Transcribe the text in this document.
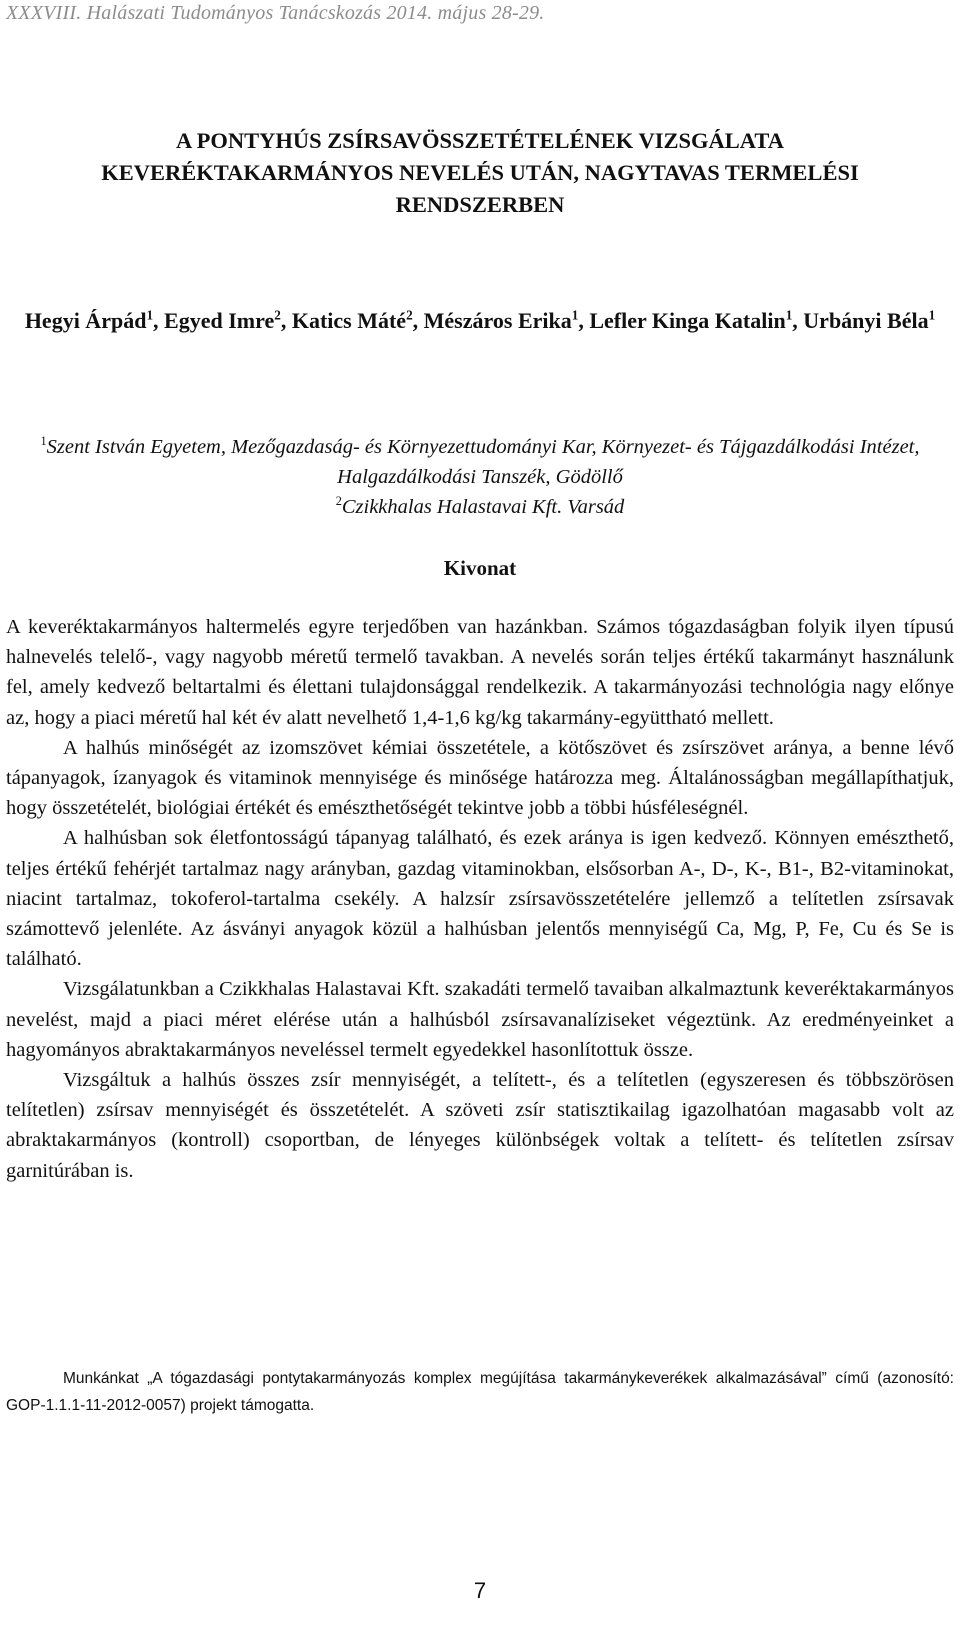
XXXVIII. Halászati Tudományos Tanácskozás 2014. május 28-29.
A PONTYHÚS ZSÍRSAVÖSSZETÉTELÉNEK VIZSGÁLATA
KEVERÉKTAKARMÁNYOS NEVELÉS UTÁN, NAGYTAVAS TERMELÉSI
RENDSZERBEN
Hegyi Árpád$^1$, Egyed Imre$^2$, Katics Máté$^2$, Mészáros Erika$^1$, Lefler Kinga Katalin$^1$, Urbányi Béla$^1$
$^1$Szent István Egyetem, Mezőgazdaság- és Környezettudományi Kar, Környezet- és Tájgazdálkodási Intézet, Halgazdálkodási Tanszék, Gödöllő
$^2$Czikkhalas Halastavai Kft. Varsád
Kivonat

A keveréktakarmányos haltermelés egyre terjedőben van hazánkban. Számos tógazdaságban folyik ilyen típusú halnevelés telelő-, vagy nagyobb méretű termelő tavakban. A nevelés során teljes értékű takarmányt használunk fel, amely kedvező beltartalmi és élettani tulajdonsággal rendelkezik. A takarmányozási technológia nagy előnye az, hogy a piaci méretű hal két év alatt nevelhető 1,4-1,6 kg/kg takarmány-együttható mellett.

A halhús minőségét az izomszövet kémiai összetétele, a kötőszövet és zsírszövet aránya, a benne lévő tápanyagok, ízanyagok és vitaminok mennyisége és minősége határozza meg. Általánosságban megállapíthatjuk, hogy összetételét, biológiai értékét és emészthetőségét tekintve jobb a többi húsféleségnél.

A halhúsban sok életfontosságú tápanyag található, és ezek aránya is igen kedvező. Könnyen emészthető, teljes értékű fehérjét tartalmaz nagy arányban, gazdag vitaminokban, elsősorban A-, D-, K-, B1-, B2-vitaminokat, niacint tartalmaz, tokoferol-tartalma csekély. A halzsír zsírsavösszetételére jellemző a telítetlen zsírsavak számottevő jelenléte. Az ásványi anyagok közül a halhúsban jelentős mennyiségű Ca, Mg, P, Fe, Cu és Se is található.

Vizsgálatunkban a Czikkhalas Halastavai Kft. szakadáti termelő tavaiban alkalmaztunk keveréktakarmányos nevelést, majd a piaci méret elérése után a halhúsból zsírsavanalíziseket végeztünk. Az eredményeinket a hagyományos abraktakarmányos neveléssel termelt egyedekkel hasonlítottuk össze.

Vizsgáltuk a halhús összes zsír mennyiségét, a telített-, és a telítetlen (egyszeresen és többszörösen telítetlen) zsírsav mennyiségét és összetételét. A szöveti zsír statisztikailag igazolhatóan magasabb volt az abraktakarmányos (kontroll) csoportban, de lényeges különbségek voltak a telített- és telítetlen zsírsav garnitúrában is.

Munkánkat „A tógazdasági pontytakarmányozás komplex megújítása takarmánykeverékek alkalmazásával” című (azonosító: GOP-1.1.1-11-2012-0057) projekt támogatta.
7
